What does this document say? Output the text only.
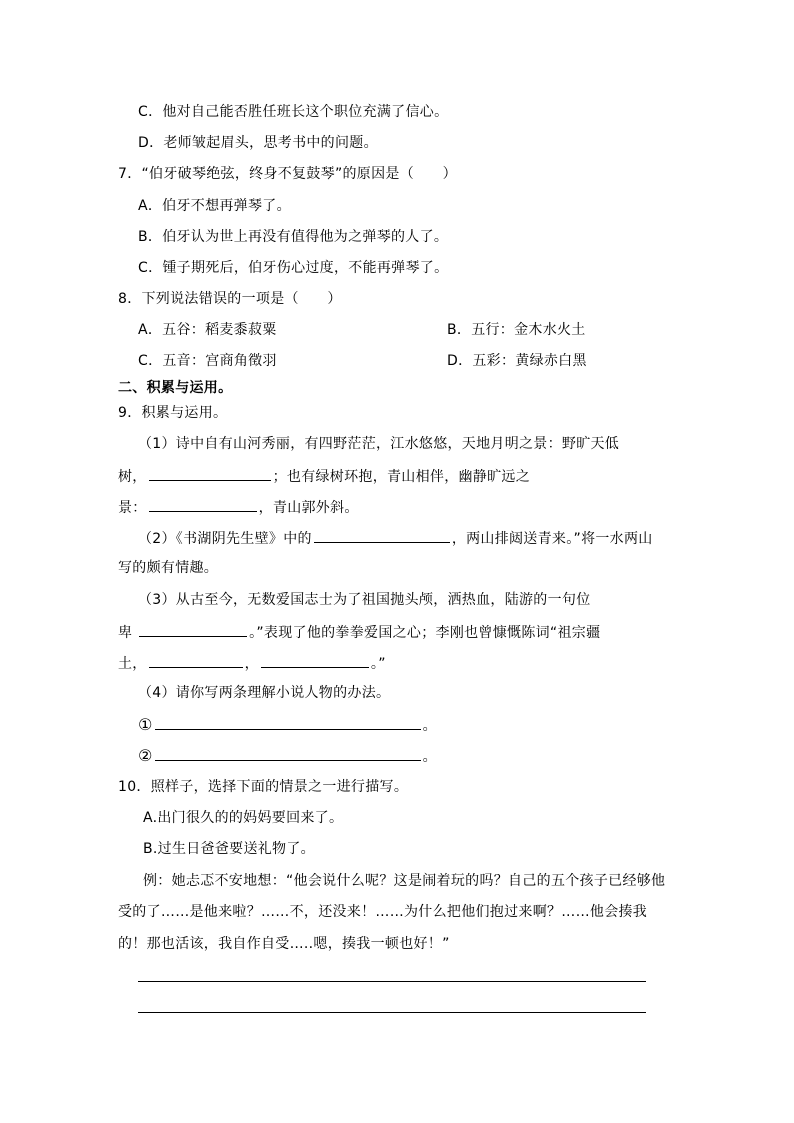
C．他对自己能否胜任班长这个职位充满了信心。
D．老师皱起眉头，思考书中的问题。
7．“伯牙破琴绝弦，终身不复鼓琴”的原因是（　　）
A．伯牙不想再弹琴了。
B．伯牙认为世上再没有值得他为之弹琴的人了。
C．锺子期死后，伯牙伤心过度，不能再弹琴了。
8．下列说法错误的一项是（　　）
A．五谷：稻麦黍菽粟	B．五行：金木水火土
C．五音：宫商角徵羽	D．五彩：黄绿赤白黑
二、积累与运用。
9．积累与运用。
（1）诗中自有山河秀丽，有四野茫茫，江水悠悠，天地月明之景：野旷天低
树，	；也有绿树环抱，青山相伴，幽静旷远之
景：	，青山郭外斜。
（2）《书湖阴先生壁》中的	，两山排闼送青来。”将一水两山
写的颇有情趣。
（3）从古至今，无数爱国志士为了祖国抛头颅，洒热血，陆游的一句位
卑	。”表现了他的拳拳爱国之心；李刚也曾慷慨陈词“祖宗疆
土，	，	。”
（4）请你写两条理解小说人物的办法。
①	。
②	。
10．照样子，选择下面的情景之一进行描写。
A.出门很久的的妈妈要回来了。
B.过生日爸爸要送礼物了。
例：她忐忑不安地想：“他会说什么呢？这是闹着玩的吗？自己的五个孩子已经够他
受的了……是他来啦？……不，还没来！……为什么把他们抱过来啊？……他会揍我
的！那也活该，我自作自受…..嗯，揍我一顿也好！”
